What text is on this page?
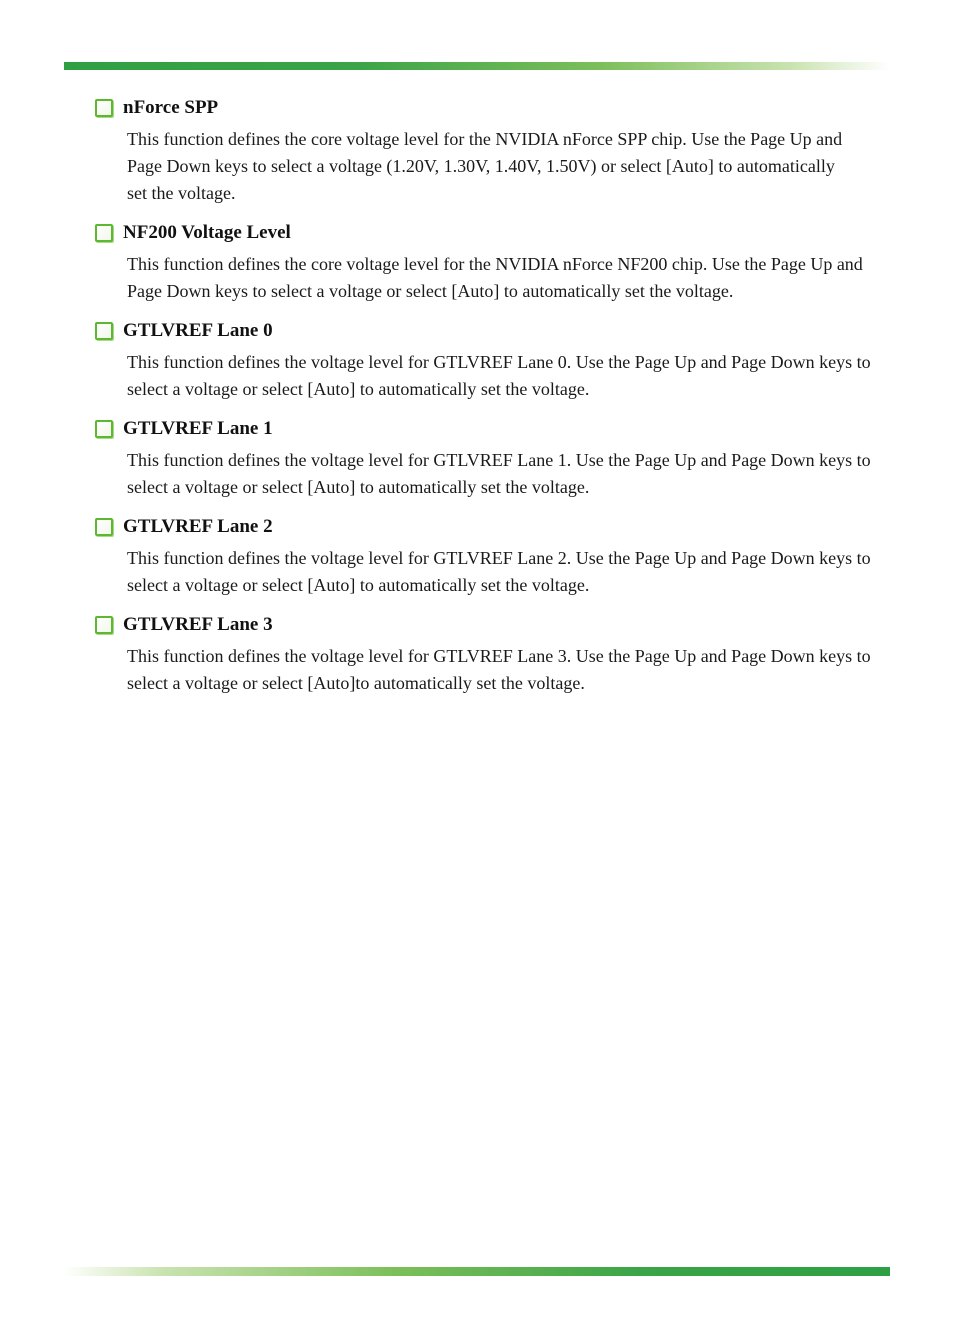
nForce SPP
This function defines the core voltage level for the NVIDIA nForce SPP chip. Use the Page Up and Page Down keys to select a voltage (1.20V, 1.30V, 1.40V, 1.50V) or select [Auto] to automatically set the voltage.
NF200 Voltage Level
This function defines the core voltage level for the NVIDIA nForce NF200 chip. Use the Page Up and Page Down keys to select a voltage or select [Auto] to automatically set the voltage.
GTLVREF Lane 0
This function defines the voltage level for GTLVREF Lane 0. Use the Page Up and Page Down keys to select a voltage or select [Auto] to automatically set the voltage.
GTLVREF Lane 1
This function defines the voltage level for GTLVREF Lane 1. Use the Page Up and Page Down keys to select a voltage or select [Auto] to automatically set the voltage.
GTLVREF Lane 2
This function defines the voltage level for GTLVREF Lane 2. Use the Page Up and Page Down keys to select a voltage or select [Auto] to automatically set the voltage.
GTLVREF Lane 3
This function defines the voltage level for GTLVREF Lane 3. Use the Page Up and Page Down keys to select a voltage or select [Auto]to automatically set the voltage.
